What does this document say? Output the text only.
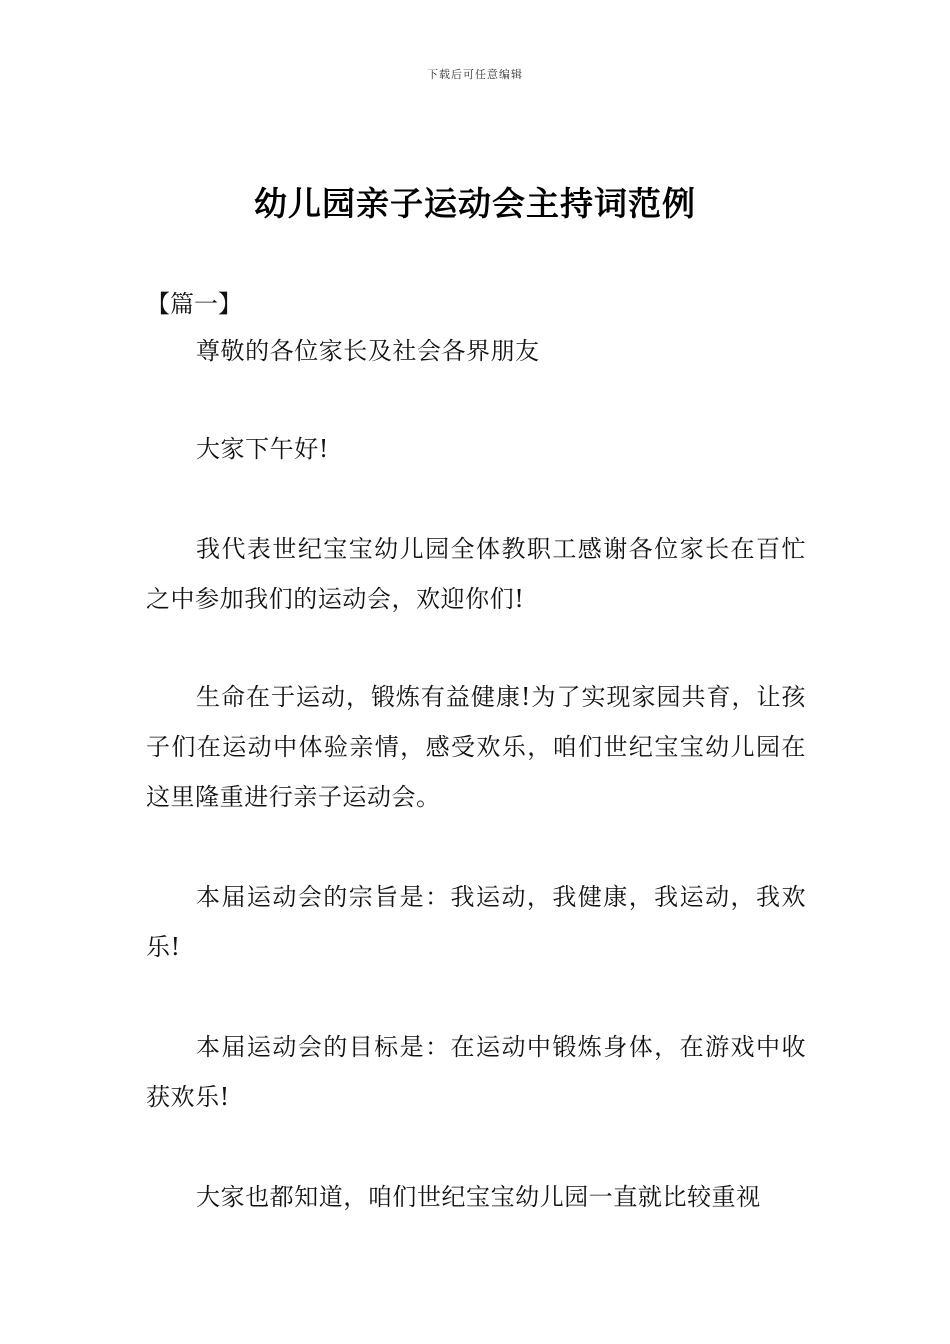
下载后可任意编辑
幼儿园亲子运动会主持词范例
【篇一】

尊敬的各位家长及社会各界朋友

大家下午好!

我代表世纪宝宝幼儿园全体教职工感谢各位家长在百忙之中参加我们的运动会，欢迎你们!

生命在于运动，锻炼有益健康!为了实现家园共育，让孩子们在运动中体验亲情，感受欢乐，咱们世纪宝宝幼儿园在这里隆重进行亲子运动会。

本届运动会的宗旨是：我运动，我健康，我运动，我欢乐!

本届运动会的目标是：在运动中锻炼身体，在游戏中收获欢乐!

大家也都知道，咱们世纪宝宝幼儿园一直就比较重视
